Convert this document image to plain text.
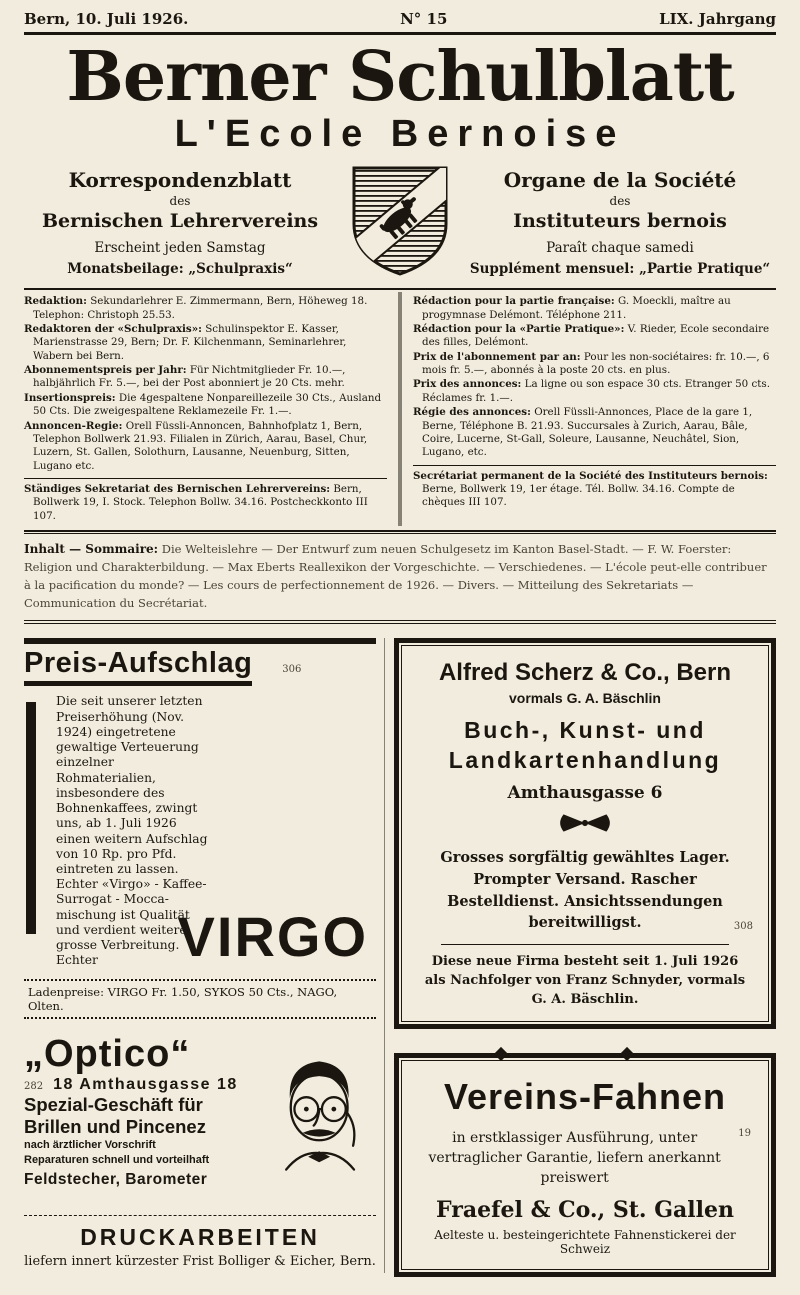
Bern, 10. Juli 1926.	N° 15	LIX. Jahrgang
Berner Schulblatt
L'Ecole Bernoise
Korrespondenzblatt
des
Bernischen Lehrervereins
Erscheint jeden Samstag
Monatsbeilage: „Schulpraxis“
Organe de la Société
des
Instituteurs bernois
Paraît chaque samedi
Supplément mensuel: „Partie Pratique“

Redaktion: Sekundarlehrer E. Zimmermann, Bern, Höheweg 18. Telephon: Christoph 25.53.

Redaktoren der «Schulpraxis»: Schulinspektor E. Kasser, Marienstrasse 29, Bern; Dr. F. Kilchenmann, Seminarlehrer, Wabern bei Bern.

Abonnementspreis per Jahr: Für Nichtmitglieder Fr. 10.—, halbjährlich Fr. 5.—, bei der Post abonniert je 20 Cts. mehr.

Insertionspreis: Die 4gespaltene Nonpareillezeile 30 Cts., Ausland 50 Cts. Die zweigespaltene Reklamezeile Fr. 1.—.

Annoncen-Regie: Orell Füssli-Annoncen, Bahnhofplatz 1, Bern, Telephon Bollwerk 21.93. Filialen in Zürich, Aarau, Basel, Chur, Luzern, St. Gallen, Solothurn, Lausanne, Neuenburg, Sitten, Lugano etc.

Ständiges Sekretariat des Bernischen Lehrervereins: Bern, Bollwerk 19, I. Stock. Telephon Bollw. 34.16. Postcheckkonto III 107.

Rédaction pour la partie française: G. Moeckli, maître au progymnase Delémont. Téléphone 211.

Rédaction pour la «Partie Pratique»: V. Rieder, Ecole secondaire des filles, Delémont.

Prix de l'abonnement par an: Pour les non-sociétaires: fr. 10.—, 6 mois fr. 5.—, abonnés à la poste 20 cts. en plus.

Prix des annonces: La ligne ou son espace 30 cts. Etranger 50 cts. Réclames fr. 1.—.

Régie des annonces: Orell Füssli-Annonces, Place de la gare 1, Berne, Téléphone B. 21.93. Succursales à Zurich, Aarau, Bâle, Coire, Lucerne, St-Gall, Soleure, Lausanne, Neuchâtel, Sion, Lugano, etc.

Secrétariat permanent de la Société des Instituteurs bernois: Berne, Bollwerk 19, 1er étage. Tél. Bollw. 34.16. Compte de chèques III 107.

Inhalt — Sommaire: Die Welteislehre — Der Entwurf zum neuen Schulgesetz im Kanton Basel-Stadt. — F. W. Foerster: Religion und Charakterbildung. — Max Eberts Reallexikon der Vorgeschichte. — Verschiedenes. — L'école peut-elle contribuer à la pacification du monde? — Les cours de perfectionnement de 1926. — Divers. — Mitteilung des Sekretariats — Communication du Secrétariat.

Preis-Aufschlag	306

Die seit unserer letzten Preiserhöhung (Nov. 1924) eingetretene gewaltige Verteuerung einzelner Rohmaterialien, insbesondere des Bohnenkaffees, zwingt uns, ab 1. Juli 1926 einen weitern Aufschlag von 10 Rp. pro Pfd. eintreten zu lassen. Echter «Virgo» - Kaffee-Surrogat - Mocca-mischung ist Qualität und verdient weitere grosse Verbreitung. Echter	VIRGO
Ladenpreise: VIRGO Fr. 1.50, SYKOS 50 Cts., NAGO, Olten.
„Optico“
282 18 Amthausgasse 18
Spezial-Geschäft für
Brillen und Pincenez
nach ärztlicher Vorschrift
Reparaturen schnell und vorteilhaft
Feldstecher, Barometer
DRUCKARBEITEN
liefern innert kürzester Frist Bolliger & Eicher, Bern.
Alfred Scherz & Co., Bern
vormals G. A. Bäschlin
Buch-, Kunst- und
Landkartenhandlung
Amthausgasse 6
Grosses sorgfältig gewähltes Lager. Prompter Versand. Rascher Bestelldienst. Ansichtssendungen bereitwilligst.	308
Diese neue Firma besteht seit 1. Juli 1926 als Nachfolger von Franz Schnyder, vormals G. A. Bäschlin.
Vereins-Fahnen
in erstklassiger Ausführung, unter vertraglicher Garantie, liefern anerkannt preiswert
19
Fraefel & Co., St. Gallen
Aelteste u. besteingerichtete Fahnenstickerei der Schweiz
